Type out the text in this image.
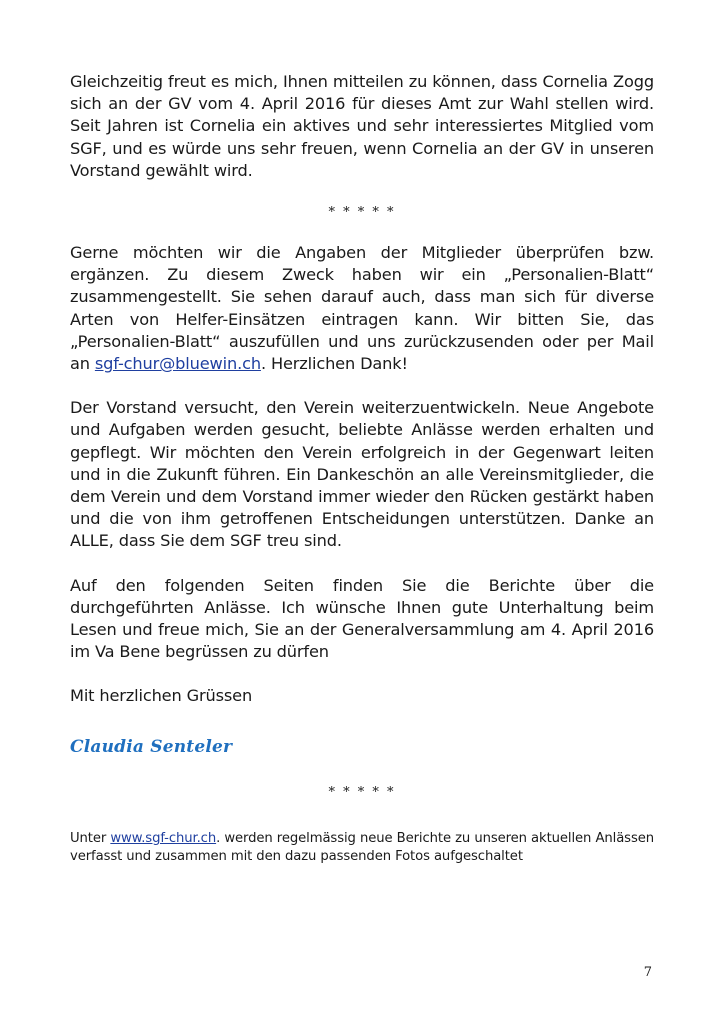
Gleichzeitig freut es mich, Ihnen mitteilen zu können, dass Cornelia Zogg sich an der GV vom 4. April 2016 für dieses Amt zur Wahl stellen wird. Seit Jahren ist Cornelia ein aktives und sehr interessiertes Mitglied vom SGF, und es würde uns sehr freuen, wenn Cornelia an der GV in unseren Vorstand gewählt wird.

* * * * *

Gerne möchten wir die Angaben der Mitglieder überprüfen bzw. ergänzen. Zu diesem Zweck haben wir ein „Personalien-Blatt“ zusammengestellt. Sie sehen darauf auch, dass man sich für diverse Arten von Helfer-Einsätzen eintragen kann. Wir bitten Sie, das „Personalien-Blatt“ auszufüllen und uns zurückzusenden oder per Mail an sgf-chur@bluewin.ch. Herzlichen Dank!

Der Vorstand versucht, den Verein weiterzuentwickeln. Neue Angebote und Aufgaben werden gesucht, beliebte Anlässe werden erhalten und gepflegt. Wir möchten den Verein erfolgreich in der Gegenwart leiten und in die Zukunft führen. Ein Dankeschön an alle Vereinsmitglieder, die dem Verein und dem Vorstand immer wieder den Rücken gestärkt haben und die von ihm getroffenen Entscheidungen unterstützen. Danke an ALLE, dass Sie dem SGF treu sind.

Auf den folgenden Seiten finden Sie die Berichte über die durchgeführten Anlässe. Ich wünsche Ihnen gute Unterhaltung beim Lesen und freue mich, Sie an der Generalversammlung am 4. April 2016 im Va Bene begrüssen zu dürfen

Mit herzlichen Grüssen

Claudia Senteler
* * * * *

Unter www.sgf-chur.ch. werden regelmässig neue Berichte zu unseren aktuellen Anlässen verfasst und zusammen mit den dazu passenden Fotos aufgeschaltet

7
